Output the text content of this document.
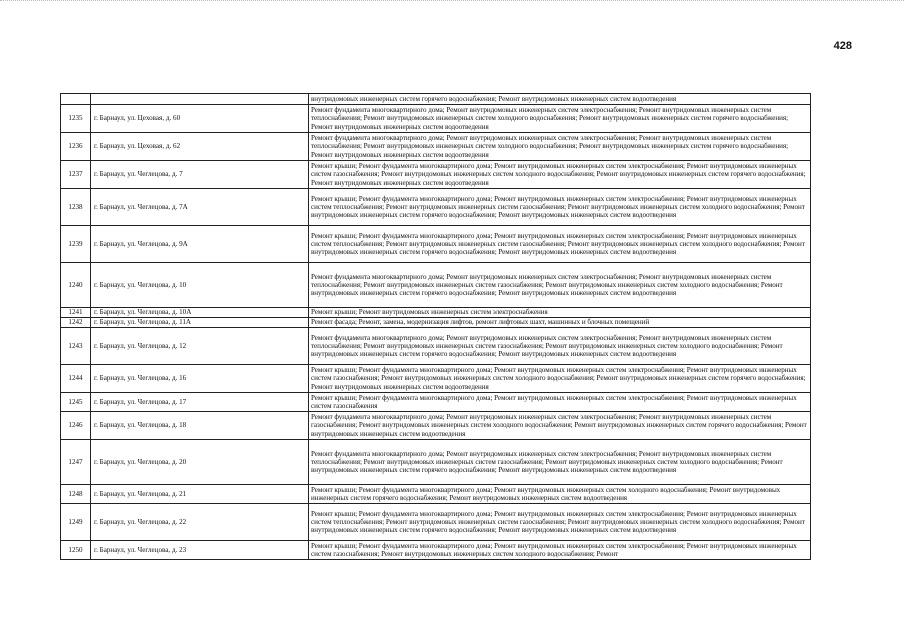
428
		внутридомовых инженерных систем горячего водоснабжения; Ремонт внутридомовых инженерных систем водоотведения
1235	г. Барнаул, ул. Цеховая, д. 60	Ремонт фундамента многоквартирного дома; Ремонт внутридомовых инженерных систем электроснабжения; Ремонт внутридомовых инженерных систем теплоснабжения; Ремонт внутридомовых инженерных систем холодного водоснабжения; Ремонт внутридомовых инженерных систем горячего водоснабжения; Ремонт внутридомовых инженерных систем водоотведения
1236	г. Барнаул, ул. Цеховая, д. 62	Ремонт фундамента многоквартирного дома; Ремонт внутридомовых инженерных систем электроснабжения; Ремонт внутридомовых инженерных систем теплоснабжения; Ремонт внутридомовых инженерных систем холодного водоснабжения; Ремонт внутридомовых инженерных систем горячего водоснабжения; Ремонт внутридомовых инженерных систем водоотведения
1237	г. Барнаул, ул. Чеглецова, д. 7	Ремонт крыши; Ремонт фундамента многоквартирного дома; Ремонт внутридомовых инженерных систем электроснабжения; Ремонт внутридомовых инженерных систем газоснабжения; Ремонт внутридомовых инженерных систем холодного водоснабжения; Ремонт внутридомовых инженерных систем горячего водоснабжения; Ремонт внутридомовых инженерных систем водоотведения
1238	г. Барнаул, ул. Чеглецова, д. 7А	Ремонт крыши; Ремонт фундамента многоквартирного дома; Ремонт внутридомовых инженерных систем электроснабжения; Ремонт внутридомовых инженерных систем теплоснабжения; Ремонт внутридомовых инженерных систем газоснабжения; Ремонт внутридомовых инженерных систем холодного водоснабжения; Ремонт внутридомовых инженерных систем горячего водоснабжения; Ремонт внутридомовых инженерных систем водоотведения
1239	г. Барнаул, ул. Чеглецова, д. 9А	Ремонт крыши; Ремонт фундамента многоквартирного дома; Ремонт внутридомовых инженерных систем электроснабжения; Ремонт внутридомовых инженерных систем теплоснабжения; Ремонт внутридомовых инженерных систем газоснабжения; Ремонт внутридомовых инженерных систем холодного водоснабжения; Ремонт внутридомовых инженерных систем горячего водоснабжения; Ремонт внутридомовых инженерных систем водоотведения
1240	г. Барнаул, ул. Чеглецова, д. 10	Ремонт фундамента многоквартирного дома; Ремонт внутридомовых инженерных систем электроснабжения; Ремонт внутридомовых инженерных систем теплоснабжения; Ремонт внутридомовых инженерных систем газоснабжения; Ремонт внутридомовых инженерных систем холодного водоснабжения; Ремонт внутридомовых инженерных систем горячего водоснабжения; Ремонт внутридомовых инженерных систем водоотведения
1241	г. Барнаул, ул. Чеглецова, д. 10А	Ремонт крыши; Ремонт внутридомовых инженерных систем электроснабжения
1242	г. Барнаул, ул. Чеглецова, д. 11А	Ремонт фасада; Ремонт, замена, модернизация лифтов, ремонт лифтовых шахт, машинных и блочных помещений
1243	г. Барнаул, ул. Чеглецова, д. 12	Ремонт фундамента многоквартирного дома; Ремонт внутридомовых инженерных систем электроснабжения; Ремонт внутридомовых инженерных систем теплоснабжения; Ремонт внутридомовых инженерных систем газоснабжения; Ремонт внутридомовых инженерных систем холодного водоснабжения; Ремонт внутридомовых инженерных систем горячего водоснабжения; Ремонт внутридомовых инженерных систем водоотведения
1244	г. Барнаул, ул. Чеглецова, д. 16	Ремонт крыши; Ремонт фундамента многоквартирного дома; Ремонт внутридомовых инженерных систем электроснабжения; Ремонт внутридомовых инженерных систем газоснабжения; Ремонт внутридомовых инженерных систем холодного водоснабжения; Ремонт внутридомовых инженерных систем горячего водоснабжения; Ремонт внутридомовых инженерных систем водоотведения
1245	г. Барнаул, ул. Чеглецова, д. 17	Ремонт крыши; Ремонт фундамента многоквартирного дома; Ремонт внутридомовых инженерных систем электроснабжения; Ремонт внутридомовых инженерных систем газоснабжения
1246	г. Барнаул, ул. Чеглецова, д. 18	Ремонт фундамента многоквартирного дома; Ремонт внутридомовых инженерных систем электроснабжения; Ремонт внутридомовых инженерных систем газоснабжения; Ремонт внутридомовых инженерных систем холодного водоснабжения; Ремонт внутридомовых инженерных систем горячего водоснабжения; Ремонт внутридомовых инженерных систем водоотведения
1247	г. Барнаул, ул. Чеглецова, д. 20	Ремонт фундамента многоквартирного дома; Ремонт внутридомовых инженерных систем электроснабжения; Ремонт внутридомовых инженерных систем теплоснабжения; Ремонт внутридомовых инженерных систем газоснабжения; Ремонт внутридомовых инженерных систем холодного водоснабжения; Ремонт внутридомовых инженерных систем горячего водоснабжения; Ремонт внутридомовых инженерных систем водоотведения
1248	г. Барнаул, ул. Чеглецова, д. 21	Ремонт крыши; Ремонт фундамента многоквартирного дома; Ремонт внутридомовых инженерных систем холодного водоснабжения; Ремонт внутридомовых инженерных систем горячего водоснабжения; Ремонт внутридомовых инженерных систем водоотведения
1249	г. Барнаул, ул. Чеглецова, д. 22	Ремонт крыши; Ремонт фундамента многоквартирного дома; Ремонт внутридомовых инженерных систем электроснабжения; Ремонт внутридомовых инженерных систем теплоснабжения; Ремонт внутридомовых инженерных систем газоснабжения; Ремонт внутридомовых инженерных систем холодного водоснабжения; Ремонт внутридомовых инженерных систем горячего водоснабжения; Ремонт внутридомовых инженерных систем водоотведения
1250	г. Барнаул, ул. Чеглецова, д. 23	Ремонт крыши; Ремонт фундамента многоквартирного дома; Ремонт внутридомовых инженерных систем электроснабжения; Ремонт внутридомовых инженерных систем газоснабжения; Ремонт внутридомовых инженерных систем холодного водоснабжения; Ремонт
